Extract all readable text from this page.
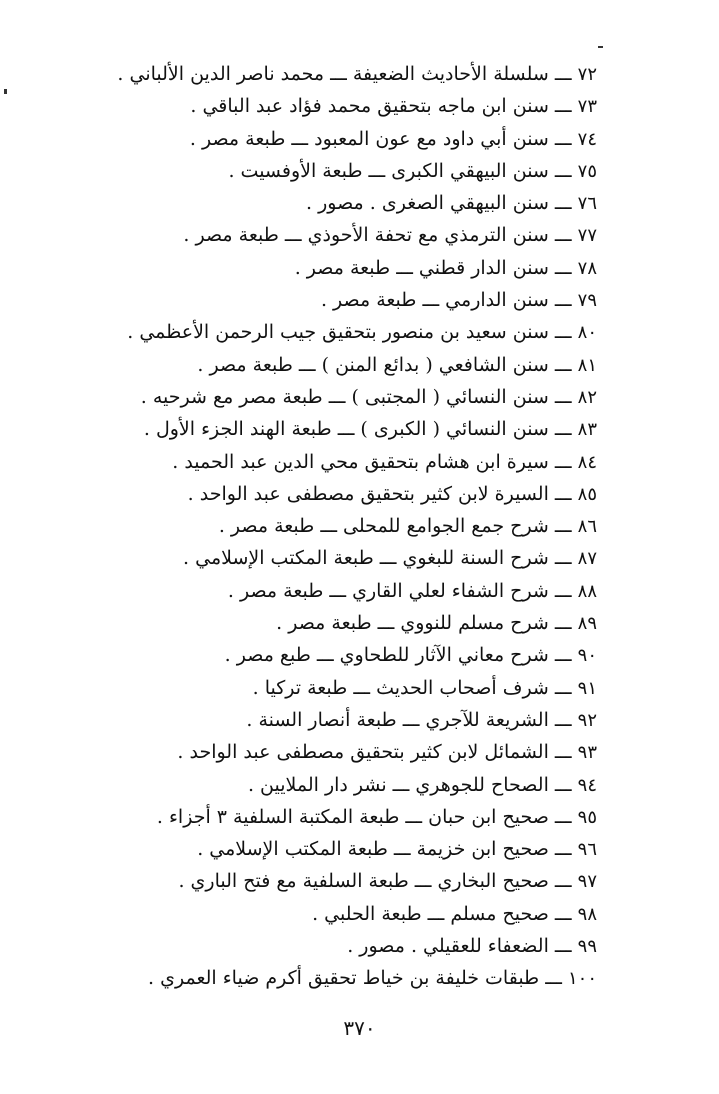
٧٢ ـــ سلسلة الأحاديث الضعيفة ـــ محمد ناصر الدين الألباني .
٧٣ ـــ سنن ابن ماجه بتحقيق محمد فؤاد عبد الباقي .
٧٤ ـــ سنن أبي داود مع عون المعبود ـــ طبعة مصر .
٧٥ ـــ سنن البيهقي الكبرى ـــ طبعة الأوفسيت .
٧٦ ـــ سنن البيهقي الصغرى . مصور .
٧٧ ـــ سنن الترمذي مع تحفة الأحوذي ـــ طبعة مصر .
٧٨ ـــ سنن الدار قطني ـــ طبعة مصر .
٧٩ ـــ سنن الدارمي ـــ طبعة مصر .
٨٠ ـــ سنن سعيد بن منصور بتحقيق جيب الرحمن الأعظمي .
٨١ ـــ سنن الشافعي ( بدائع المنن ) ـــ طبعة مصر .
٨٢ ـــ سنن النسائي ( المجتبى ) ـــ طبعة مصر مع شرحيه .
٨٣ ـــ سنن النسائي ( الكبرى ) ـــ طبعة الهند الجزء الأول .
٨٤ ـــ سيرة ابن هشام بتحقيق محي الدين عبد الحميد .
٨٥ ـــ السيرة لابن كثير بتحقيق مصطفى عبد الواحد .
٨٦ ـــ شرح جمع الجوامع للمحلى ـــ طبعة مصر .
٨٧ ـــ شرح السنة للبغوي ـــ طبعة المكتب الإسلامي .
٨٨ ـــ شرح الشفاء لعلي القاري ـــ طبعة مصر .
٨٩ ـــ شرح مسلم للنووي ـــ طبعة مصر .
٩٠ ـــ شرح معاني الآثار للطحاوي ـــ طبع مصر .
٩١ ـــ شرف أصحاب الحديث ـــ طبعة تركيا .
٩٢ ـــ الشريعة للآجري ـــ طبعة أنصار السنة .
٩٣ ـــ الشمائل لابن كثير بتحقيق مصطفى عبد الواحد .
٩٤ ـــ الصحاح للجوهري ـــ نشر دار الملايين .
٩٥ ـــ صحيح ابن حبان ـــ طبعة المكتبة السلفية ٣ أجزاء .
٩٦ ـــ صحيح ابن خزيمة ـــ طبعة المكتب الإسلامي .
٩٧ ـــ صحيح البخاري ـــ طبعة السلفية مع فتح الباري .
٩٨ ـــ صحيح مسلم ـــ طبعة الحلبي .
٩٩ ـــ الضعفاء للعقيلي . مصور .
١٠٠ ـــ طبقات خليفة بن خياط تحقيق أكرم ضياء العمري .
٣٧٠
